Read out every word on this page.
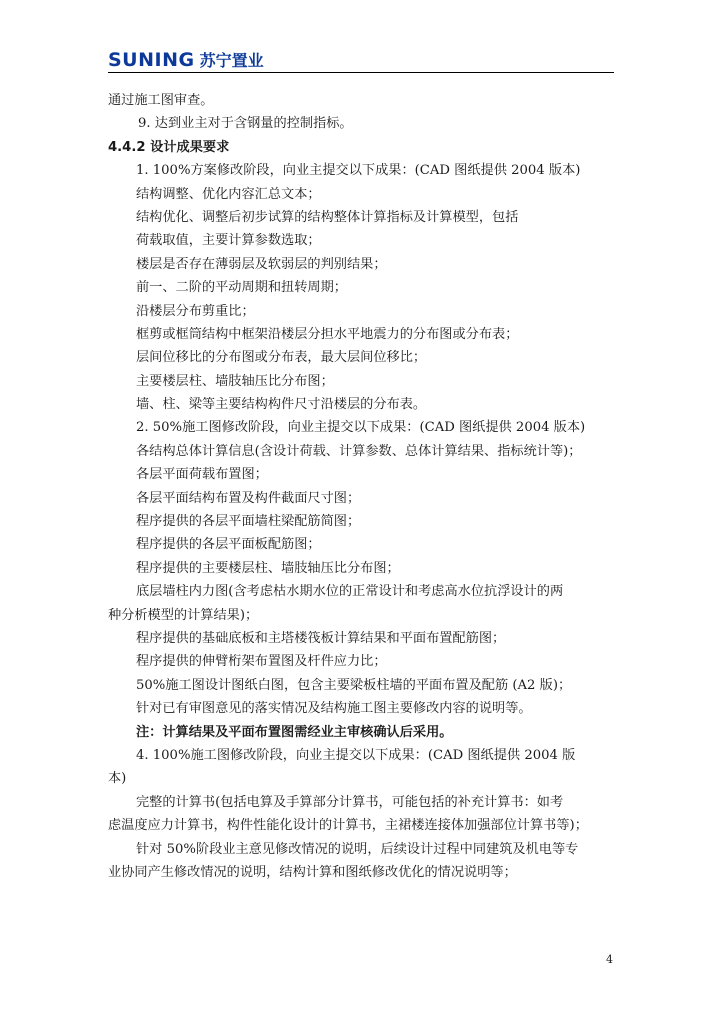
SUNING 苏宁置业
通过施工图审查。
9. 达到业主对于含钢量的控制指标。
4.4.2 设计成果要求
1. 100%方案修改阶段，向业主提交以下成果：(CAD 图纸提供 2004 版本)
结构调整、优化内容汇总文本；
结构优化、调整后初步试算的结构整体计算指标及计算模型，包括
荷载取值，主要计算参数选取；
楼层是否存在薄弱层及软弱层的判别结果；
前一、二阶的平动周期和扭转周期；
沿楼层分布剪重比；
框剪或框筒结构中框架沿楼层分担水平地震力的分布图或分布表；
层间位移比的分布图或分布表，最大层间位移比；
主要楼层柱、墙肢轴压比分布图；
墙、柱、梁等主要结构构件尺寸沿楼层的分布表。
2. 50%施工图修改阶段，向业主提交以下成果：(CAD 图纸提供 2004 版本)
各结构总体计算信息(含设计荷载、计算参数、总体计算结果、指标统计等)；
各层平面荷载布置图；
各层平面结构布置及构件截面尺寸图；
程序提供的各层平面墙柱梁配筋简图；
程序提供的各层平面板配筋图；
程序提供的主要楼层柱、墙肢轴压比分布图；
底层墙柱内力图(含考虑枯水期水位的正常设计和考虑高水位抗浮设计的两
种分析模型的计算结果)；
程序提供的基础底板和主塔楼筏板计算结果和平面布置配筋图；
程序提供的伸臂桁架布置图及杆件应力比；
50%施工图设计图纸白图，包含主要梁板柱墙的平面布置及配筋 (A2 版)；
针对已有审图意见的落实情况及结构施工图主要修改内容的说明等。
注：计算结果及平面布置图需经业主审核确认后采用。
4. 100%施工图修改阶段，向业主提交以下成果：(CAD 图纸提供 2004 版
本)
完整的计算书(包括电算及手算部分计算书，可能包括的补充计算书：如考
虑温度应力计算书，构件性能化设计的计算书，主裙楼连接体加强部位计算书等)；
针对 50%阶段业主意见修改情况的说明，后续设计过程中同建筑及机电等专
业协同产生修改情况的说明，结构计算和图纸修改优化的情况说明等；
4
